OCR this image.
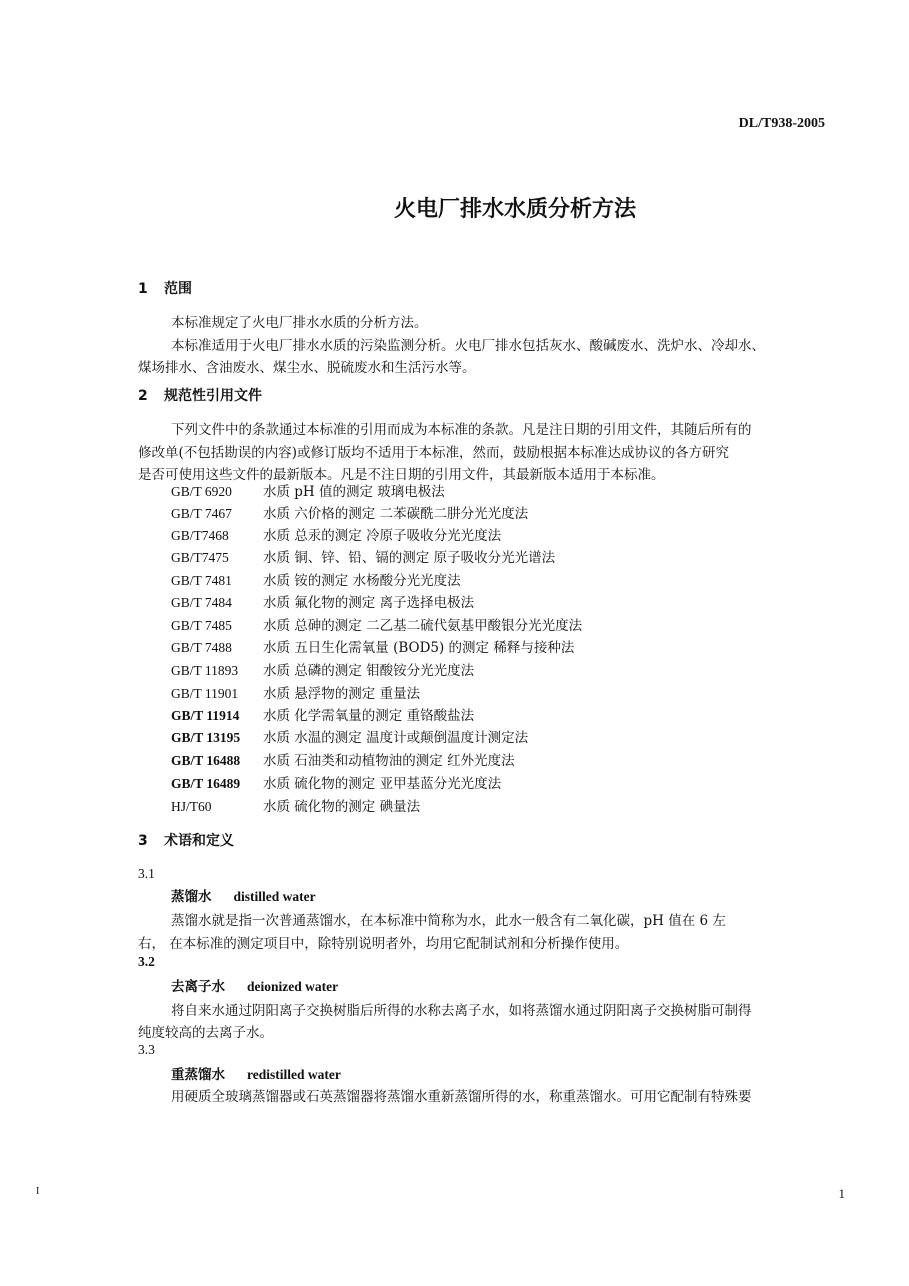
DL/T938-2005
火电厂排水水质分析方法
1 范围
本标准规定了火电厂排水水质的分析方法。
本标准适用于火电厂排水水质的污染监测分析。火电厂排水包括灰水、酸碱废水、洗炉水、冷却水、
煤场排水、含油废水、煤尘水、脱硫废水和生活污水等。
2 规范性引用文件
下列文件中的条款通过本标准的引用而成为本标准的条款。凡是注日期的引用文件，其随后所有的
修改单(不包括勘误的内容)或修订版均不适用于本标准，然而，鼓励根据本标准达成协议的各方研究
是否可使用这些文件的最新版本。凡是不注日期的引用文件，其最新版本适用于本标准。
GB/T 6920 水质 pH 值的测定 玻璃电极法
GB/T 7467 水质 六价格的测定 二苯碳酰二肼分光光度法
GB/T7468	水质 总汞的测定 冷原子吸收分光光度法
GB/T7475	水质 铜、锌、铅、镉的测定 原子吸收分光光谱法
GB/T 7481 水质 铵的测定 水杨酸分光光度法
GB/T 7484 水质 氟化物的测定 离子选择电极法
GB/T 7485 水质 总砷的测定 二乙基二硫代氨基甲酸银分光光度法
GB/T 7488 水质 五日生化需氧量 (BOD5) 的测定 稀释与接种法
GB/T 11893 水质 总磷的测定 钼酸铵分光光度法
GB/T 11901 水质 悬浮物的测定 重量法
GB/T 11914 水质 化学需氧量的测定 重铬酸盐法
GB/T 13195 水质 水温的测定 温度计或颠倒温度计测定法
GB/T 16488 水质 石油类和动植物油的测定 红外光度法
GB/T 16489 水质 硫化物的测定 亚甲基蓝分光光度法
HJ/T60	水质 硫化物的测定 碘量法
3 术语和定义
3.1
蒸馏水 distilled water
蒸馏水就是指一次普通蒸馏水，在本标准中简称为水，此水一般含有二氧化碳，pH 值在 6 左
右， 在本标准的测定项目中，除特别说明者外，均用它配制试剂和分析操作使用。
3.2
去离子水 deionized water
将自来水通过阴阳离子交换树脂后所得的水称去离子水，如将蒸馏水通过阴阳离子交换树脂可制得
纯度较高的去离子水。
3.3
重蒸馏水 redistilled water
用硬质全玻璃蒸馏器或石英蒸馏器将蒸馏水重新蒸馏所得的水，称重蒸馏水。可用它配制有特殊要
I	1
